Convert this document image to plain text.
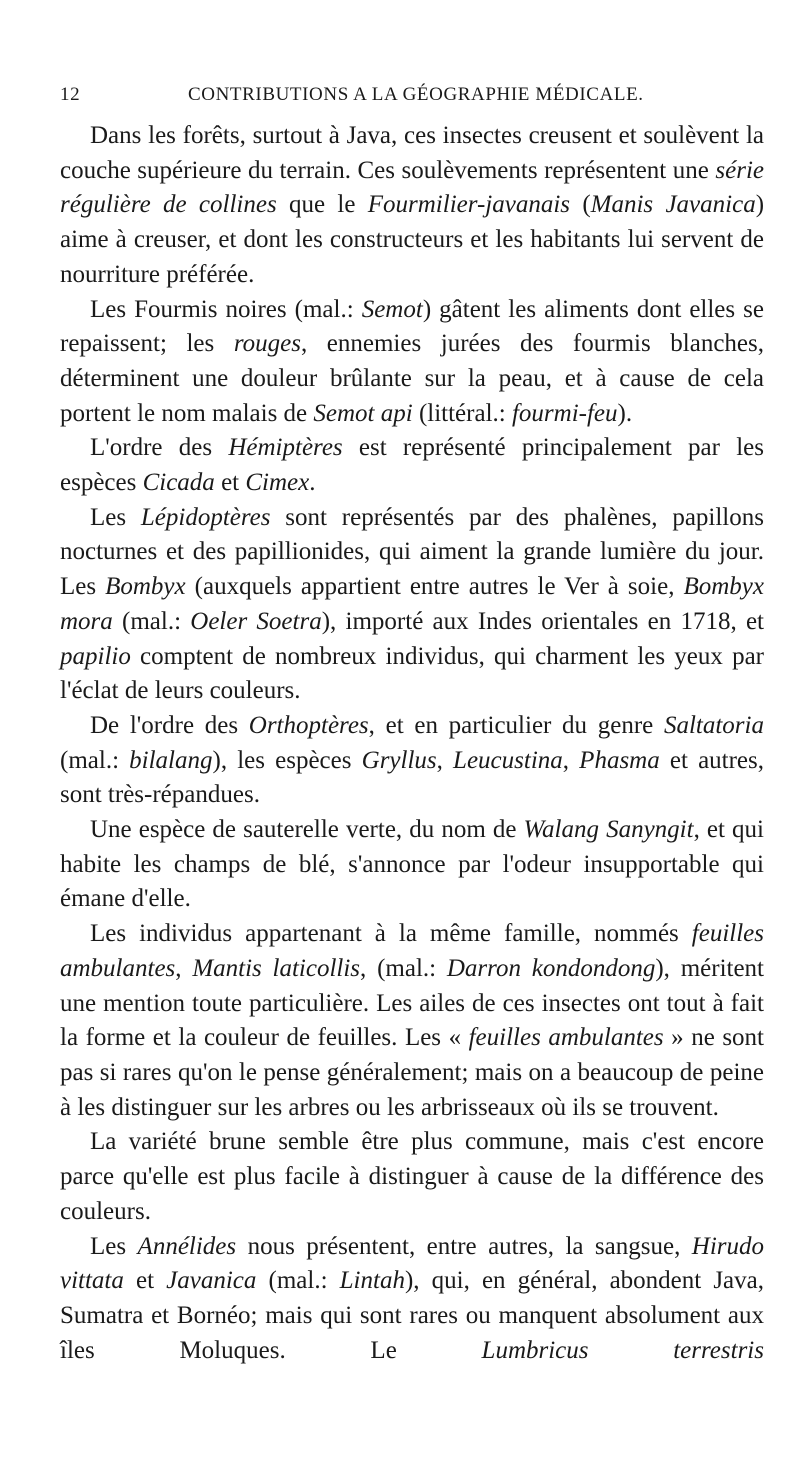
12	CONTRIBUTIONS A LA GÉOGRAPHIE MÉDICALE.

Dans les forêts, surtout à Java, ces insectes creusent et soulèvent la couche supérieure du terrain. Ces soulèvements représentent une série régulière de collines que le Fourmilier-javanais (Manis Javanica) aime à creuser, et dont les constructeurs et les habitants lui servent de nourriture préférée.

Les Fourmis noires (mal.: Semot) gâtent les aliments dont elles se repaissent; les rouges, ennemies jurées des fourmis blanches, déterminent une douleur brûlante sur la peau, et à cause de cela portent le nom malais de Semot api (littéral.: fourmi-feu).

L'ordre des Hémiptères est représenté principalement par les espèces Cicada et Cimex.

Les Lépidoptères sont représentés par des phalènes, papillons nocturnes et des papillionides, qui aiment la grande lumière du jour. Les Bombyx (auxquels appartient entre autres le Ver à soie, Bombyx mora (mal.: Oeler Soetra), importé aux Indes orientales en 1718, et papilio comptent de nombreux individus, qui charment les yeux par l'éclat de leurs couleurs.

De l'ordre des Orthoptères, et en particulier du genre Saltatoria (mal.: bilalang), les espèces Gryllus, Leucustina, Phasma et autres, sont très-répandues.

Une espèce de sauterelle verte, du nom de Walang Sanyngit, et qui habite les champs de blé, s'annonce par l'odeur insupportable qui émane d'elle.

Les individus appartenant à la même famille, nommés feuilles ambulantes, Mantis laticollis, (mal.: Darron kondondong), méritent une mention toute particulière. Les ailes de ces insectes ont tout à fait la forme et la couleur de feuilles. Les « feuilles ambulantes » ne sont pas si rares qu'on le pense généralement; mais on a beaucoup de peine à les distinguer sur les arbres ou les arbrisseaux où ils se trouvent.

La variété brune semble être plus commune, mais c'est encore parce qu'elle est plus facile à distinguer à cause de la différence des couleurs.

Les Annélides nous présentent, entre autres, la sangsue, Hirudo vittata et Javanica (mal.: Lintah), qui, en général, abondent Java, Sumatra et Bornéo; mais qui sont rares ou manquent absolument aux îles Moluques. Le Lumbricus terrestris
